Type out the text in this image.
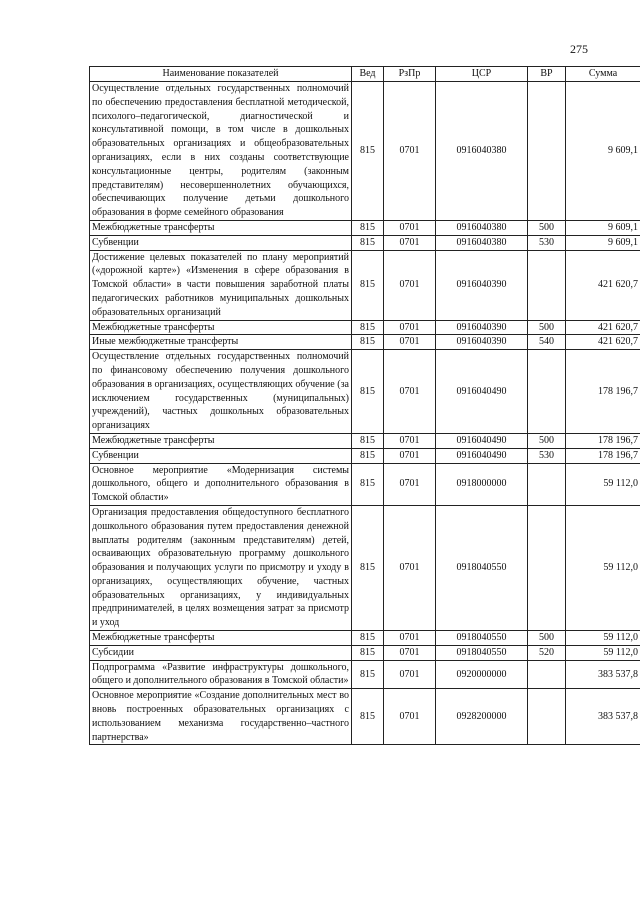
275
Наименование показателей	Вед	РзПр	ЦСР	ВР	Сумма
Осуществление отдельных государственных полномочий по обеспечению предоставления бесплатной методической, психолого–педагогической, диагностической и консультативной помощи, в том числе в дошкольных образовательных организациях и общеобразовательных организациях, если в них созданы соответствующие консультационные центры, родителям (законным представителям) несовершеннолетних обучающихся, обеспечивающих получение детьми дошкольного образования в форме семейного образования	815	0701	0916040380		9 609,1
Межбюджетные трансферты	815	0701	0916040380	500	9 609,1
Субвенции	815	0701	0916040380	530	9 609,1
Достижение целевых показателей по плану мероприятий («дорожной карте») «Изменения в сфере образования в Томской области» в части повышения заработной платы педагогических работников муниципальных дошкольных образовательных организаций	815	0701	0916040390		421 620,7
Межбюджетные трансферты	815	0701	0916040390	500	421 620,7
Иные межбюджетные трансферты	815	0701	0916040390	540	421 620,7
Осуществление отдельных государственных полномочий по финансовому обеспечению получения дошкольного образования в организациях, осуществляющих обучение (за исключением государственных (муниципальных) учреждений), частных дошкольных образовательных организациях	815	0701	0916040490		178 196,7
Межбюджетные трансферты	815	0701	0916040490	500	178 196,7
Субвенции	815	0701	0916040490	530	178 196,7
Основное мероприятие «Модернизация системы дошкольного, общего и дополнительного образования в Томской области»	815	0701	0918000000		59 112,0
Организация предоставления общедоступного бесплатного дошкольного образования путем предоставления денежной выплаты родителям (законным представителям) детей, осваивающих образовательную программу дошкольного образования и получающих услуги по присмотру и уходу в организациях, осуществляющих обучение, частных образовательных организациях, у индивидуальных предпринимателей, в целях возмещения затрат за присмотр и уход	815	0701	0918040550		59 112,0
Межбюджетные трансферты	815	0701	0918040550	500	59 112,0
Субсидии	815	0701	0918040550	520	59 112,0
Подпрограмма «Развитие инфраструктуры дошкольного, общего и дополнительного образования в Томской области»	815	0701	0920000000		383 537,8
Основное мероприятие «Создание дополнительных мест во вновь построенных образовательных организациях с использованием механизма государственно–частного партнерства»	815	0701	0928200000		383 537,8
